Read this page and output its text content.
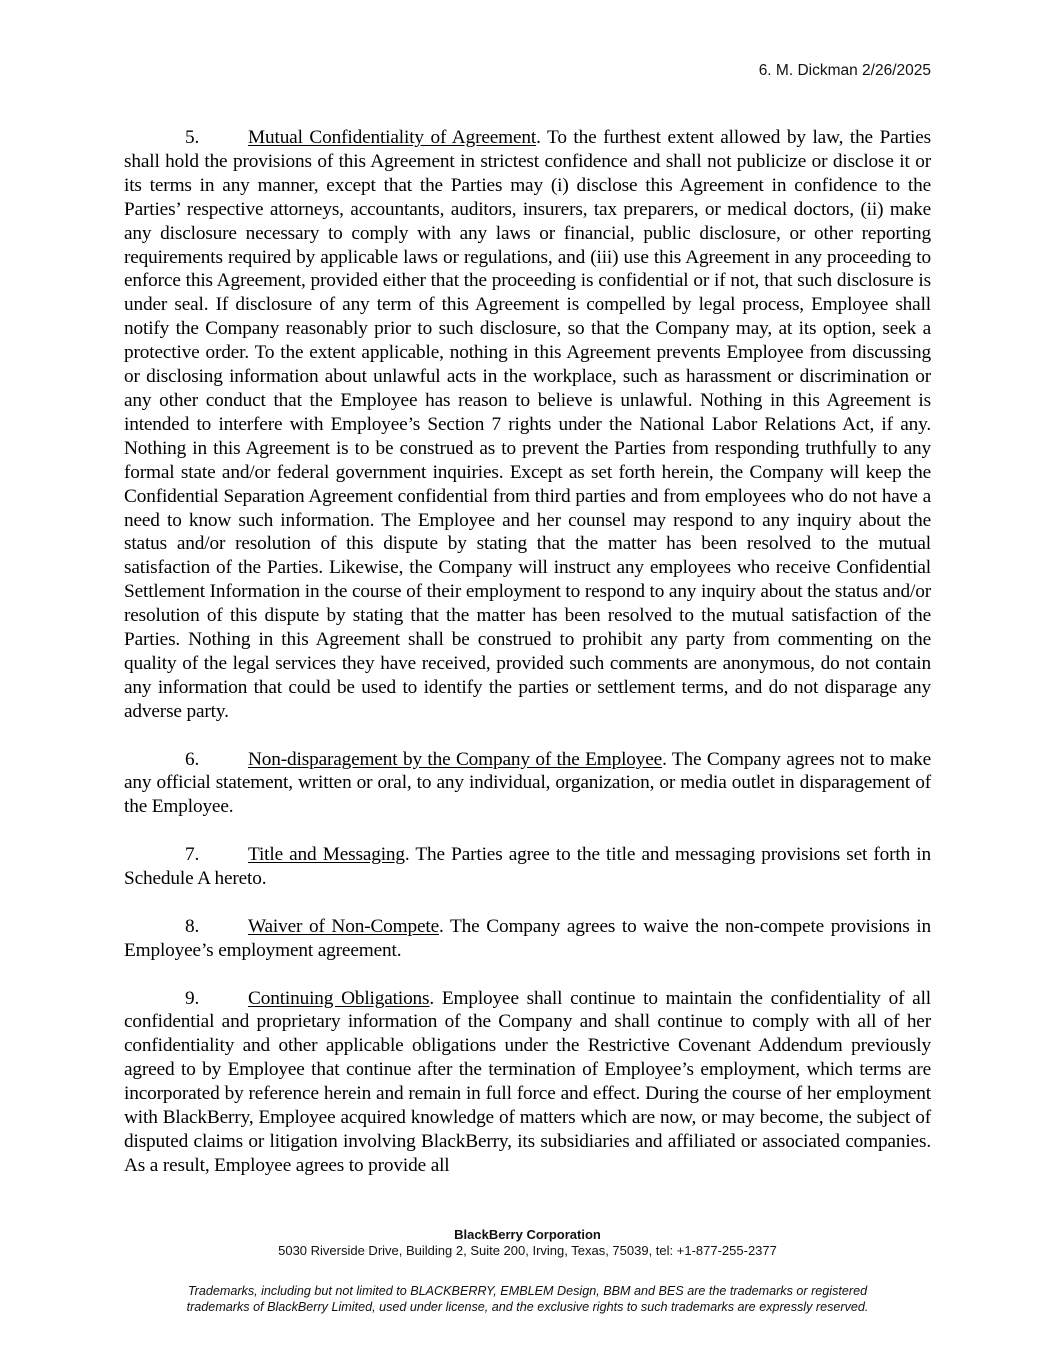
6. M. Dickman 2/26/2025

5.	Mutual Confidentiality of Agreement. To the furthest extent allowed by law, the Parties shall hold the provisions of this Agreement in strictest confidence and shall not publicize or disclose it or its terms in any manner, except that the Parties may (i) disclose this Agreement in confidence to the Parties’ respective attorneys, accountants, auditors, insurers, tax preparers, or medical doctors, (ii) make any disclosure necessary to comply with any laws or financial, public disclosure, or other reporting requirements required by applicable laws or regulations, and (iii) use this Agreement in any proceeding to enforce this Agreement, provided either that the proceeding is confidential or if not, that such disclosure is under seal. If disclosure of any term of this Agreement is compelled by legal process, Employee shall notify the Company reasonably prior to such disclosure, so that the Company may, at its option, seek a protective order. To the extent applicable, nothing in this Agreement prevents Employee from discussing or disclosing information about unlawful acts in the workplace, such as harassment or discrimination or any other conduct that the Employee has reason to believe is unlawful. Nothing in this Agreement is intended to interfere with Employee’s Section 7 rights under the National Labor Relations Act, if any. Nothing in this Agreement is to be construed as to prevent the Parties from responding truthfully to any formal state and/or federal government inquiries. Except as set forth herein, the Company will keep the Confidential Separation Agreement confidential from third parties and from employees who do not have a need to know such information. The Employee and her counsel may respond to any inquiry about the status and/or resolution of this dispute by stating that the matter has been resolved to the mutual satisfaction of the Parties. Likewise, the Company will instruct any employees who receive Confidential Settlement Information in the course of their employment to respond to any inquiry about the status and/or resolution of this dispute by stating that the matter has been resolved to the mutual satisfaction of the Parties. Nothing in this Agreement shall be construed to prohibit any party from commenting on the quality of the legal services they have received, provided such comments are anonymous, do not contain any information that could be used to identify the parties or settlement terms, and do not disparage any adverse party.

6.	Non-disparagement by the Company of the Employee. The Company agrees not to make any official statement, written or oral, to any individual, organization, or media outlet in disparagement of the Employee.

7.	Title and Messaging. The Parties agree to the title and messaging provisions set forth in Schedule A hereto.

8.	Waiver of Non-Compete. The Company agrees to waive the non-compete provisions in Employee’s employment agreement.

9.	Continuing Obligations. Employee shall continue to maintain the confidentiality of all confidential and proprietary information of the Company and shall continue to comply with all of her confidentiality and other applicable obligations under the Restrictive Covenant Addendum previously agreed to by Employee that continue after the termination of Employee’s employment, which terms are incorporated by reference herein and remain in full force and effect. During the course of her employment with BlackBerry, Employee acquired knowledge of matters which are now, or may become, the subject of disputed claims or litigation involving BlackBerry, its subsidiaries and affiliated or associated companies. As a result, Employee agrees to provide all

BlackBerry Corporation
5030 Riverside Drive, Building 2, Suite 200, Irving, Texas, 75039, tel: +1-877-255-2377
Trademarks, including but not limited to BLACKBERRY, EMBLEM Design, BBM and BES are the trademarks or registered
trademarks of BlackBerry Limited, used under license, and the exclusive rights to such trademarks are expressly reserved.
